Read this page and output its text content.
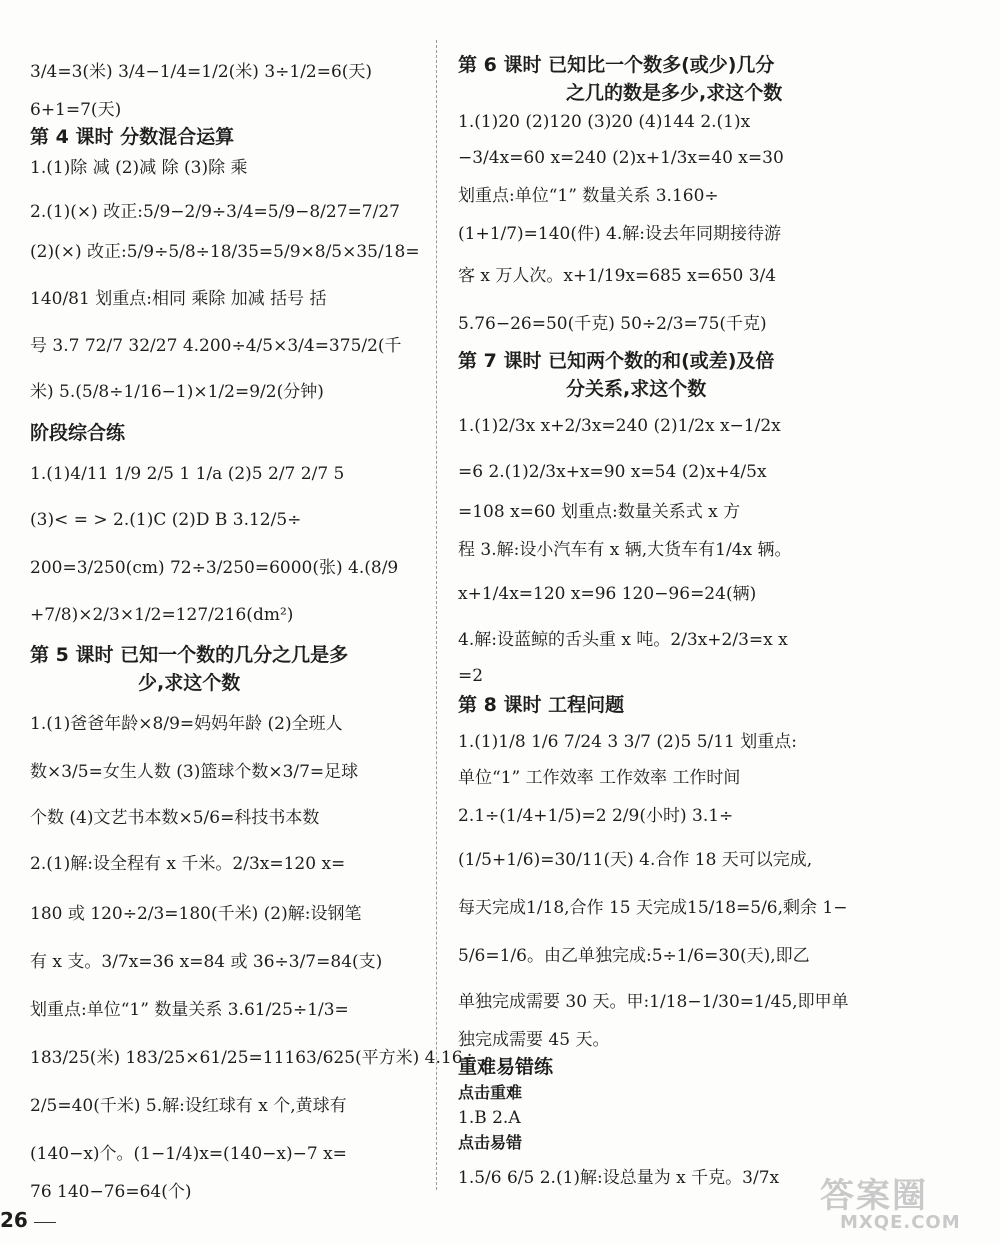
3/4=3(米) 3/4−1/4=1/2(米) 3÷1/2=6(天)
6+1=7(天)
第 4 课时 分数混合运算
1.(1)除 减 (2)减 除 (3)除 乘
2.(1)(×) 改正:5/9−2/9÷3/4=5/9−8/27=7/27
(2)(×) 改正:5/9÷5/8÷18/35=5/9×8/5×35/18=
140/81 划重点:相同 乘除 加减 括号 括
号 3.7 72/7 32/27 4.200÷4/5×3/4=375/2(千
米) 5.(5/8÷1/16−1)×1/2=9/2(分钟)
阶段综合练
1.(1)4/11 1/9 2/5 1 1/a (2)5 2/7 2/7 5
(3)< = > 2.(1)C (2)D B 3.12/5÷
200=3/250(cm) 72÷3/250=6000(张) 4.(8/9
+7/8)×2/3×1/2=127/216(dm²)
第 5 课时 已知一个数的几分之几是多
少,求这个数
1.(1)爸爸年龄×8/9=妈妈年龄 (2)全班人
数×3/5=女生人数 (3)篮球个数×3/7=足球
个数 (4)文艺书本数×5/6=科技书本数
2.(1)解:设全程有 x 千米。2/3x=120 x=
180 或 120÷2/3=180(千米) (2)解:设钢笔
有 x 支。3/7x=36 x=84 或 36÷3/7=84(支)
划重点:单位“1” 数量关系 3.61/25÷1/3=
183/25(米) 183/25×61/25=11163/625(平方米) 4.16÷
2/5=40(千米) 5.解:设红球有 x 个,黄球有
(140−x)个。(1−1/4)x=(140−x)−7 x=
76 140−76=64(个)
第 6 课时 已知比一个数多(或少)几分
之几的数是多少,求这个数
1.(1)20 (2)120 (3)20 (4)144 2.(1)x
−3/4x=60 x=240 (2)x+1/3x=40 x=30
划重点:单位“1” 数量关系 3.160÷
(1+1/7)=140(件) 4.解:设去年同期接待游
客 x 万人次。x+1/19x=685 x=650 3/4
5.76−26=50(千克) 50÷2/3=75(千克)
第 7 课时 已知两个数的和(或差)及倍
分关系,求这个数
1.(1)2/3x x+2/3x=240 (2)1/2x x−1/2x
=6 2.(1)2/3x+x=90 x=54 (2)x+4/5x
=108 x=60 划重点:数量关系式 x 方
程 3.解:设小汽车有 x 辆,大货车有1/4x 辆。
x+1/4x=120 x=96 120−96=24(辆)
4.解:设蓝鲸的舌头重 x 吨。2/3x+2/3=x x
=2
第 8 课时 工程问题
1.(1)1/8 1/6 7/24 3 3/7 (2)5 5/11 划重点:
单位“1” 工作效率 工作效率 工作时间
2.1÷(1/4+1/5)=2 2/9(小时) 3.1÷
(1/5+1/6)=30/11(天) 4.合作 18 天可以完成,
每天完成1/18,合作 15 天完成15/18=5/6,剩余 1−
5/6=1/6。由乙单独完成:5÷1/6=30(天),即乙
单独完成需要 30 天。甲:1/18−1/30=1/45,即甲单
独完成需要 45 天。
重难易错练
点击重难
1.B 2.A
点击易错
1.5/6 6/5 2.(1)解:设总量为 x 千克。3/7x
26
答案圈
MXQE.COM
